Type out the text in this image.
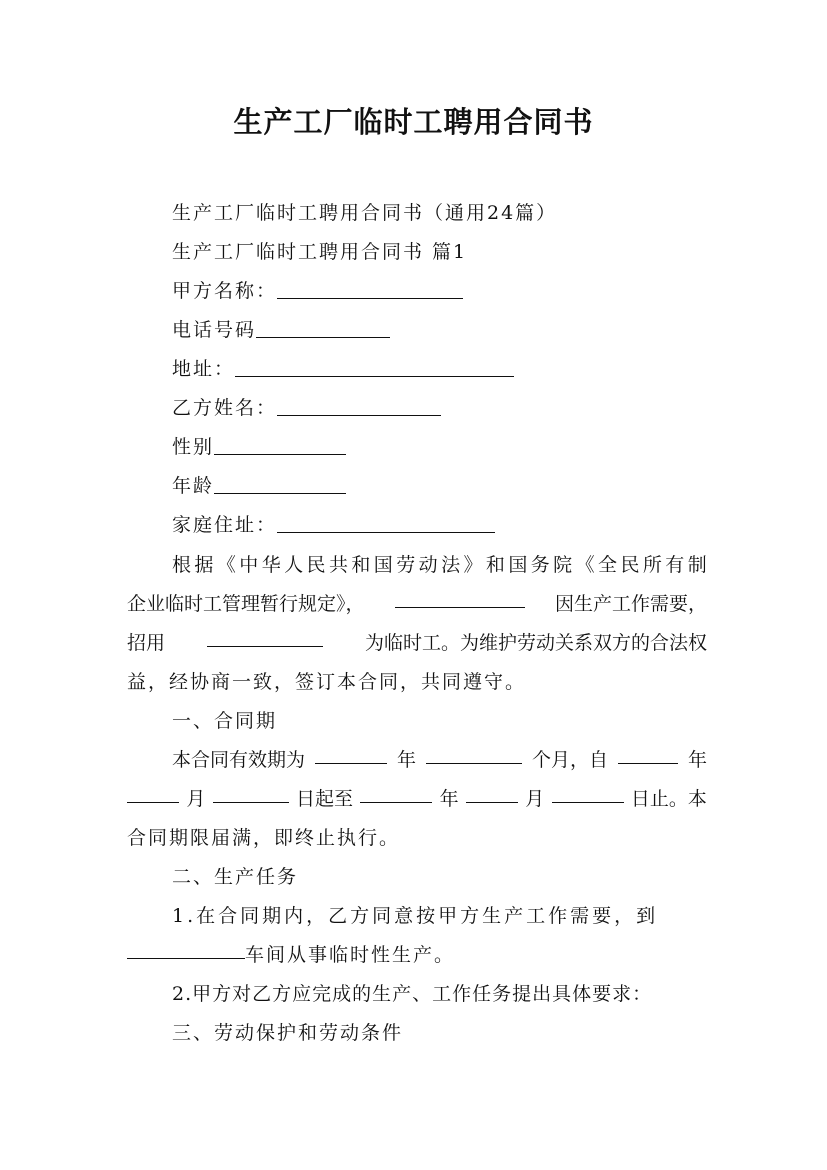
生产工厂临时工聘用合同书

生产工厂临时工聘用合同书（通用24篇）

生产工厂临时工聘用合同书 篇1

甲方名称：

电话号码

地址：

乙方姓名：

性别

年龄

家庭住址：

根 据 《 中 华 人 民 共 和 国 劳 动 法 》 和 国 务 院 《 全 民 所 有 制

企业临时工管理暂行规定》，	因生产工作需要，

招用	为临时工。为维护劳动关系双方的合法权

益，经协商一致，签订本合同，共同遵守。

一、合同期

本合同有效期为	年	个月，自	年

月	日起至	年	月	日止。本

合同期限届满，即终止执行。

二、生产任务

1.在合同期内，乙方同意按甲方生产工作需要，到

车间从事临时性生产。

2.甲方对乙方应完成的生产、工作任务提出具体要求：

三、劳动保护和劳动条件
